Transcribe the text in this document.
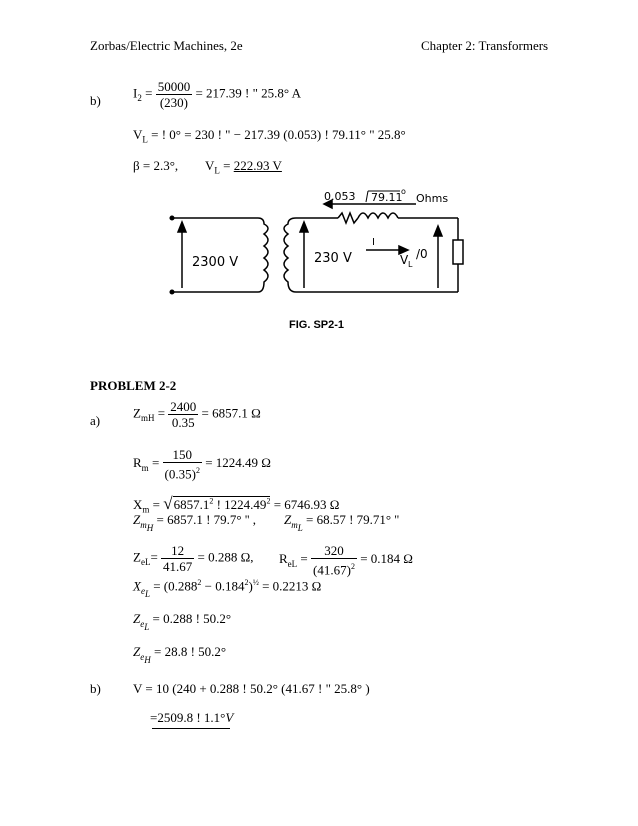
Zorbas/Electric Machines, 2e	Chapter 2: Transformers
b)
$I_2 = \frac{50000}{(230)} = 217.39$ ! " 25.8° A
$V_L$ = ! 0° = 230 ! " − 217.39 (0.053) ! 79.11° " 25.8°
β = 2.3°, $V_L = 222.93$ V
2300 V	230 V
0.053 79.11
o
Ohms
I
V L
/0
FIG. SP2-1
PROBLEM 2-2
a)
$Z_{mH} = \frac{2400}{0.35} = 6857.1$ Ω
$R_m = \frac{150}{(0.35)^2} = 1224.49$ Ω
$X_m = √6857.1^2$ ! $1224.49^2 = 6746.93$ Ω
$Z_{m_H} = 6857.1$ ! 79.7° '' , $Z_{m_L} = 68.57$ ! 79.71° ''
$Z_{eL}= \frac{12}{41.67} = 0.288$ Ω, $R_{eL} = \frac{320}{(41.67)^2} = 0.184$ Ω
$X_{e_L} = (0.288^2 - 0.184^2)^{\frac{1}{2}} = 0.2213$ Ω
$Z_{e_L} = 0.288$ ! 50.2°
$Z_{e_H} = 28.8$ ! 50.2°
b) V = 10 (240 + 0.288 ! 50.2° (41.67 ! " 25.8° )
=2509.8 ! 1.1°V
